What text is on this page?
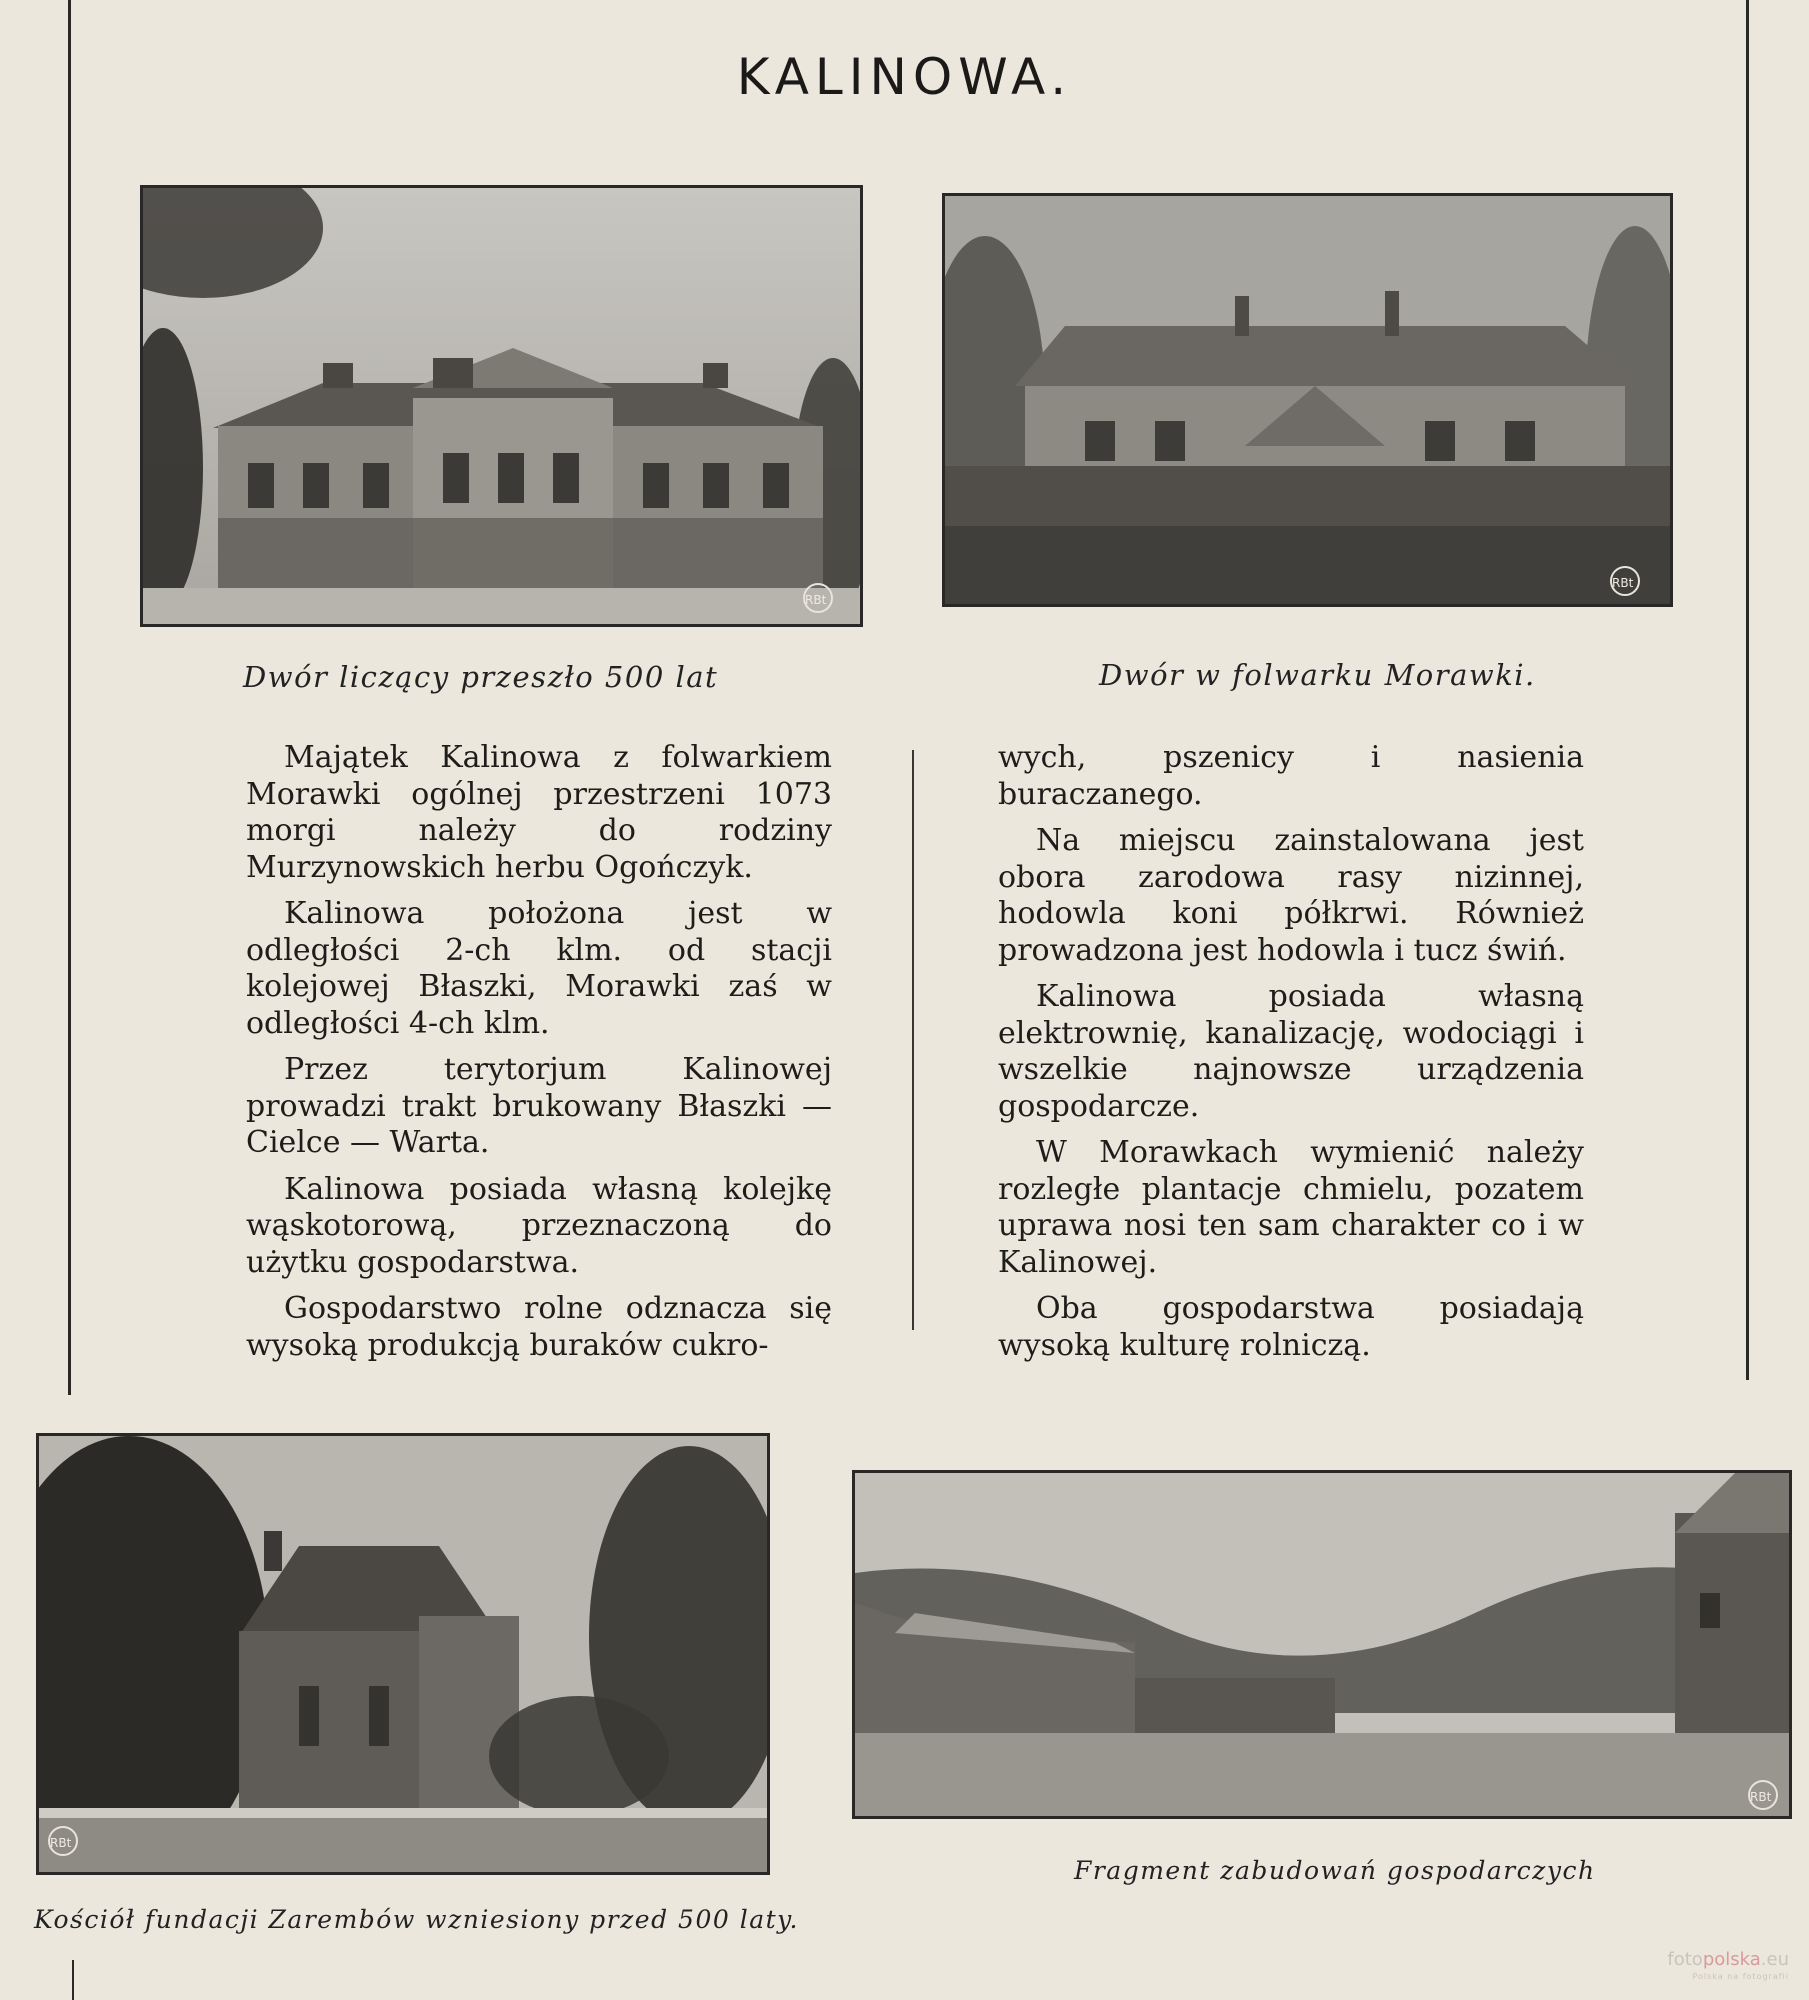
KALINOWA.
RBt
RBt
Dwór liczący przeszło 500 lat	Dwór w folwarku Morawki.

Majątek Kalinowa z folwarkiem Morawki ogólnej przestrzeni 1073 morgi należy do rodziny Murzynowskich herbu Ogończyk.

Kalinowa położona jest w odległości 2-ch klm. od stacji kolejowej Błaszki, Morawki zaś w odległości 4-ch klm.

Przez terytorjum Kalinowej prowadzi trakt brukowany Błaszki — Cielce — Warta.

Kalinowa posiada własną kolejkę wąskotorową, przeznaczoną do użytku gospodarstwa.

Gospodarstwo rolne odznacza się wysoką produkcją buraków cukro-

wych, pszenicy i nasienia buraczanego.

Na miejscu zainstalowana jest obora zarodowa rasy nizinnej, hodowla koni półkrwi. Również prowadzona jest hodowla i tucz świń.

Kalinowa posiada własną elektrownię, kanalizację, wodociągi i wszelkie najnowsze urządzenia gospodarcze.

W Morawkach wymienić należy rozległe plantacje chmielu, pozatem uprawa nosi ten sam charakter co i w Kalinowej.

Oba gospodarstwa posiadają wysoką kulturę rolniczą.

RBt
RBt
Fragment zabudowań gospodarczych
Kościół fundacji Zarembów wzniesiony przed 500 laty.
fotopolska.eu
Polska na fotografii
